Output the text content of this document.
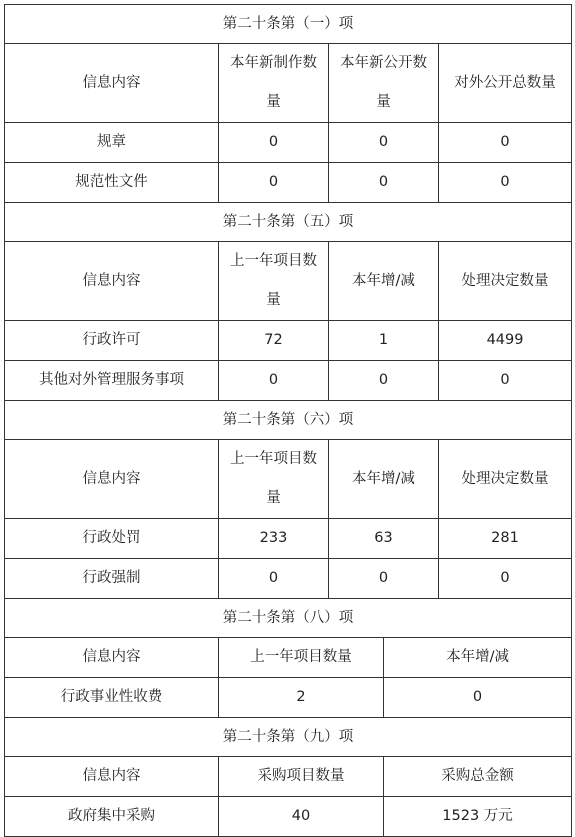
第二十条第（一）项				
信息内容	本年新制作数量	本年新公开数量		对外公开总数量
规章	0	0		0
规范性文件	0	0		0
第二十条第（五）项				
信息内容	上一年项目数量	本年增/减		处理决定数量
行政许可	72	1		4499
其他对外管理服务事项	0	0		0
第二十条第（六）项				
信息内容	上一年项目数量	本年增/减		处理决定数量
行政处罚	233	63		281
行政强制	0	0		0
第二十条第（八）项				
信息内容	上一年项目数量		本年增/减	
行政事业性收费	2		0	
第二十条第（九）项				
信息内容	采购项目数量		采购总金额	
政府集中采购	40		1523 万元	
